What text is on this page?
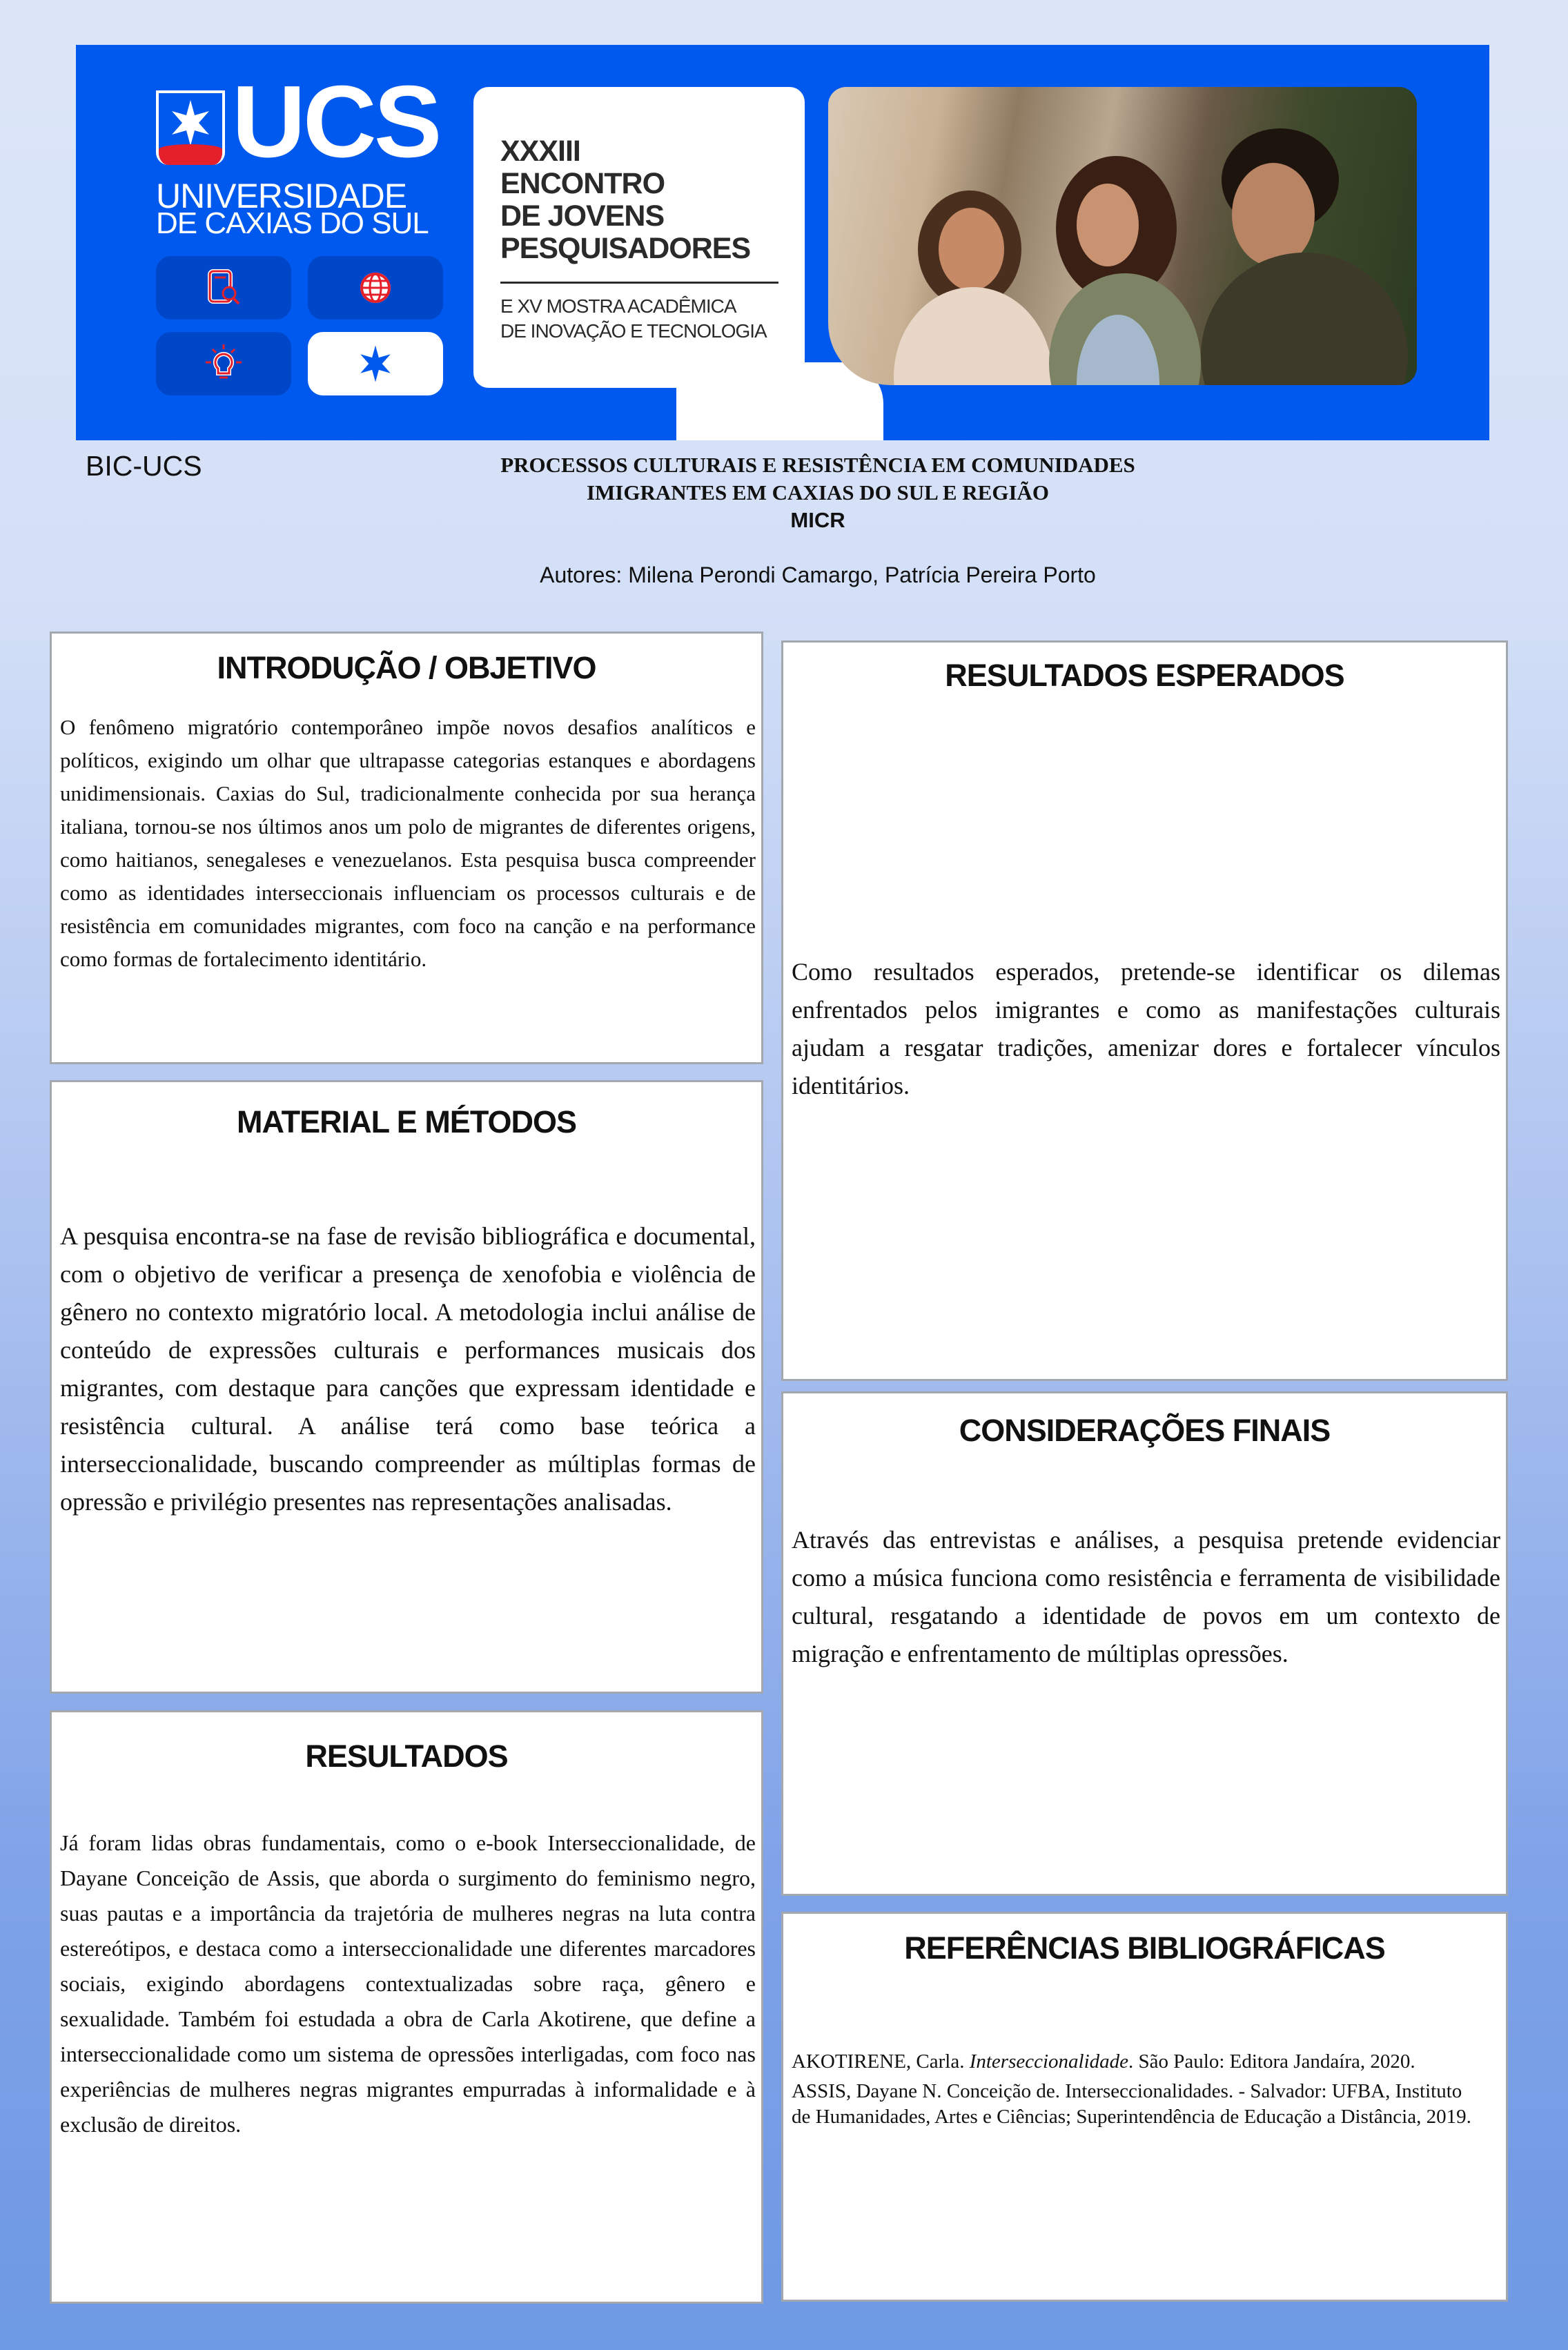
UCS
UNIVERSIDADE
DE CAXIAS DO SUL
XXXIII
ENCONTRO
DE JOVENS
PESQUISADORES
E XV MOSTRA ACADÊMICA
DE INOVAÇÃO E TECNOLOGIA
BIC-UCS	PROCESSOS CULTURAIS E RESISTÊNCIA EM COMUNIDADES
IMIGRANTES EM CAXIAS DO SUL E REGIÃO
MICR
Autores: Milena Perondi Camargo, Patrícia Pereira Porto
INTRODUÇÃO / OBJETIVO

O fenômeno migratório contemporâneo impõe novos desafios analíticos e políticos, exigindo um olhar que ultrapasse categorias estanques e abordagens unidimensionais. Caxias do Sul, tradicionalmente conhecida por sua herança italiana, tornou-se nos últimos anos um polo de migrantes de diferentes origens, como haitianos, senegaleses e venezuelanos. Esta pesquisa busca compreender como as identidades interseccionais influenciam os processos culturais e de resistência em comunidades migrantes, com foco na canção e na performance como formas de fortalecimento identitário.

MATERIAL E MÉTODOS

A pesquisa encontra-se na fase de revisão bibliográfica e documental, com o objetivo de verificar a presença de xenofobia e violência de gênero no contexto migratório local. A metodologia inclui análise de conteúdo de expressões culturais e performances musicais dos migrantes, com destaque para canções que expressam identidade e resistência cultural. A análise terá como base teórica a interseccionalidade, buscando compreender as múltiplas formas de opressão e privilégio presentes nas representações analisadas.

RESULTADOS

Já foram lidas obras fundamentais, como o e-book Interseccionalidade, de Dayane Conceição de Assis, que aborda o surgimento do feminismo negro, suas pautas e a importância da trajetória de mulheres negras na luta contra estereótipos, e destaca como a interseccionalidade une diferentes marcadores sociais, exigindo abordagens contextualizadas sobre raça, gênero e sexualidade. Também foi estudada a obra de Carla Akotirene, que define a interseccionalidade como um sistema de opressões interligadas, com foco nas experiências de mulheres negras migrantes empurradas à informalidade e à exclusão de direitos.

RESULTADOS ESPERADOS

Como resultados esperados, pretende-se identificar os dilemas enfrentados pelos imigrantes e como as manifestações culturais ajudam a resgatar tradições, amenizar dores e fortalecer vínculos identitários.

CONSIDERAÇÕES FINAIS

Através das entrevistas e análises, a pesquisa pretende evidenciar como a música funciona como resistência e ferramenta de visibilidade cultural, resgatando a identidade de povos em um contexto de migração e enfrentamento de múltiplas opressões.

REFERÊNCIAS BIBLIOGRÁFICAS
AKOTIRENE, Carla. Interseccionalidade. São Paulo: Editora Jandaíra, 2020.
ASSIS, Dayane N. Conceição de. Interseccionalidades. - Salvador: UFBA, Instituto de Humanidades, Artes e Ciências; Superintendência de Educação a Distância, 2019.
